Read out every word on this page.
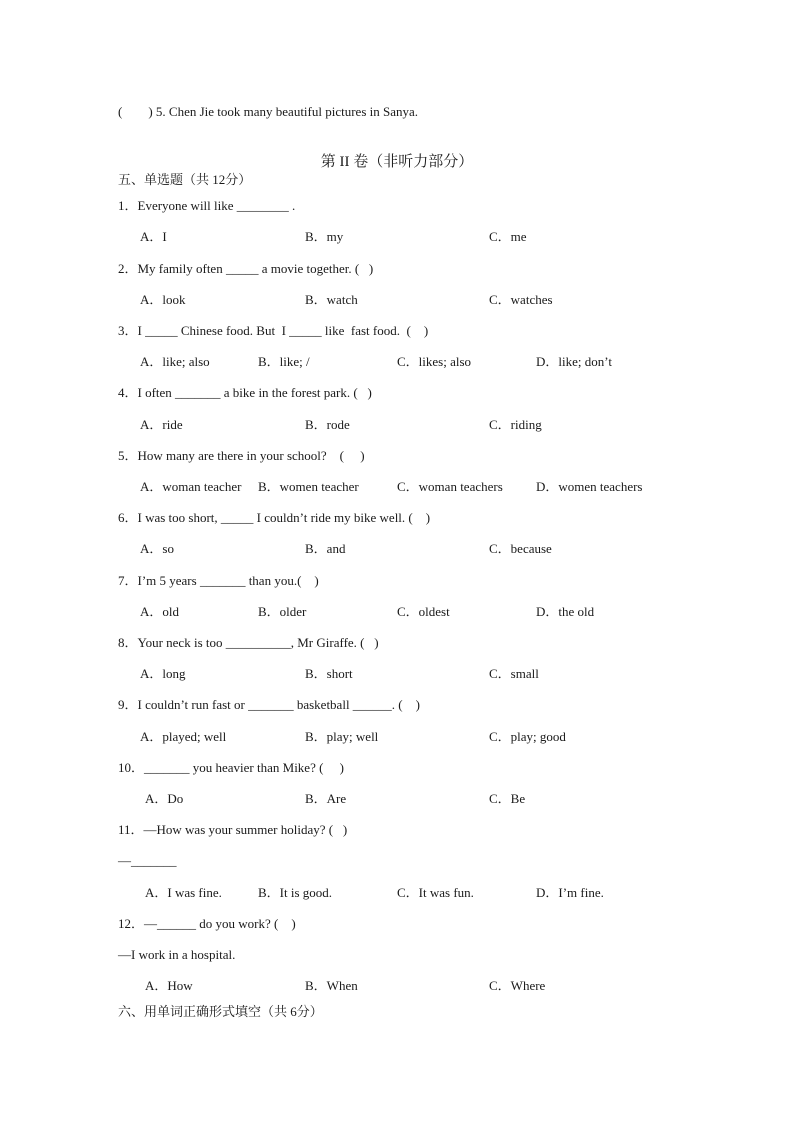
(        ) 5. Chen Jie took many beautiful pictures in Sanya.
第 II 卷（非听力部分）
五、单选题（共 12分）
1．Everyone will like ________ .
A．I	B．my	C．me
2．My family often _____ a movie together. (   )
A．look	B．watch	C．watches
3．I _____ Chinese food. But  I _____ like  fast food.  (    )
A．like; also	B．like; /	C．likes; also	D．like; don’t
4．I often _______ a bike in the forest park. (   )
A．ride	B．rode	C．riding
5．How many are there in your school?    (     )
A．woman teacher B．women teacher	C．woman teachers	D．women teachers
6．I was too short, _____ I couldn’t ride my bike well. (    )
A．so	B．and	C．because
7．I’m 5 years _______ than you.(    )
A．old	B．older	C．oldest	D．the old
8．Your neck is too __________, Mr Giraffe. (   )
A．long	B．short	C．small
9．I couldn’t run fast or _______ basketball ______. (    )
A．played; well	B．play; well	C．play; good
10．_______ you heavier than Mike? (     )
A．Do	B．Are	C．Be
11．—How was your summer holiday? (   )
—_______
A．I was fine.	B．It is good.	C．It was fun.	D．I’m fine.
12．—______ do you work? (    )
—I work in a hospital.
A．How	B．When	C．Where
六、用单词正确形式填空（共 6分）
